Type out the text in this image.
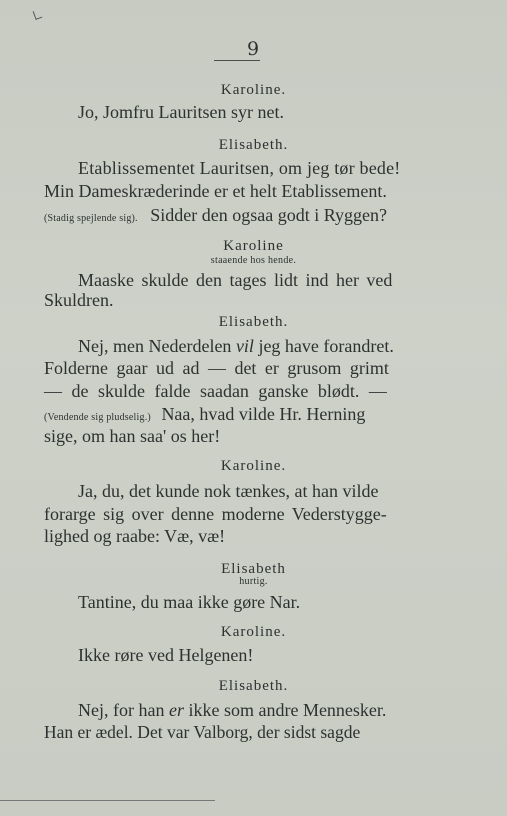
9
Karoline.
Jo, Jomfru Lauritsen syr net.
Elisabeth.
Etablissementet Lauritsen, om jeg tør bede!
Min Dameskræderinde er et helt Etablissement.
(Stadig spejlende sig). Sidder den ogsaa godt i Ryggen?
Karoline
staaende hos hende.
Maaske skulde den tages lidt ind her ved
Skuldren.
Elisabeth.
Nej, men Nederdelen vil jeg have forandret.
Folderne gaar ud ad — det er grusom grimt
— de skulde falde saadan ganske blødt. —
(Vendende sig pludselig.) Naa, hvad vilde Hr. Herning
sige, om han saa' os her!
Karoline.
Ja, du, det kunde nok tænkes, at han vilde
forarge sig over denne moderne Vederstygge-
lighed og raabe: Væ, væ!
Elisabeth
hurtig.
Tantine, du maa ikke gøre Nar.
Karoline.
Ikke røre ved Helgenen!
Elisabeth.
Nej, for han er ikke som andre Mennesker.
Han er ædel. Det var Valborg, der sidst sagde
